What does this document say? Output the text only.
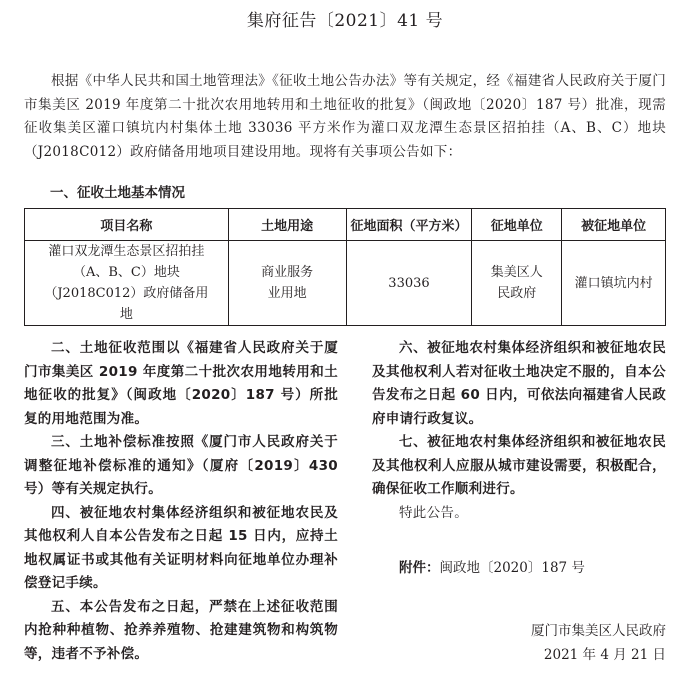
集府征告〔2021〕41 号

根据《中华人民共和国土地管理法》《征收土地公告办法》等有关规定，经《福建省人民政府关于厦门市集美区 2019 年度第二十批次农用地转用和土地征收的批复》（闽政地〔2020〕187 号）批准，现需征收集美区灌口镇坑内村集体土地 33036 平方米作为灌口双龙潭生态景区招拍挂（A、B、C）地块（J2018C012）政府储备用地项目建设用地。现将有关事项公告如下：

一、征收土地基本情况
项目名称	土地用途	征地面积（平方米）	征地单位	被征地单位
灌口双龙潭生态景区招拍挂（A、B、C）地块（J2018C012）政府储备用地	商业服务业用地	33036	集美区人民政府	灌口镇坑内村

二、土地征收范围以《福建省人民政府关于厦门市集美区 2019 年度第二十批次农用地转用和土地征收的批复》（闽政地〔2020〕187 号）所批复的用地范围为准。

三、土地补偿标准按照《厦门市人民政府关于调整征地补偿标准的通知》（厦府〔2019〕430 号）等有关规定执行。

四、被征地农村集体经济组织和被征地农民及其他权利人自本公告发布之日起 15 日内，应持土地权属证书或其他有关证明材料向征地单位办理补偿登记手续。

五、本公告发布之日起，严禁在上述征收范围内抢种种植物、抢养养殖物、抢建建筑物和构筑物等，违者不予补偿。

六、被征地农村集体经济组织和被征地农民及其他权利人若对征收土地决定不服的，自本公告发布之日起 60 日内，可依法向福建省人民政府申请行政复议。

七、被征地农村集体经济组织和被征地农民及其他权利人应服从城市建设需要，积极配合，确保征收工作顺利进行。

特此公告。

附件：闽政地〔2020〕187 号
厦门市集美区人民政府
2021 年 4 月 21 日
